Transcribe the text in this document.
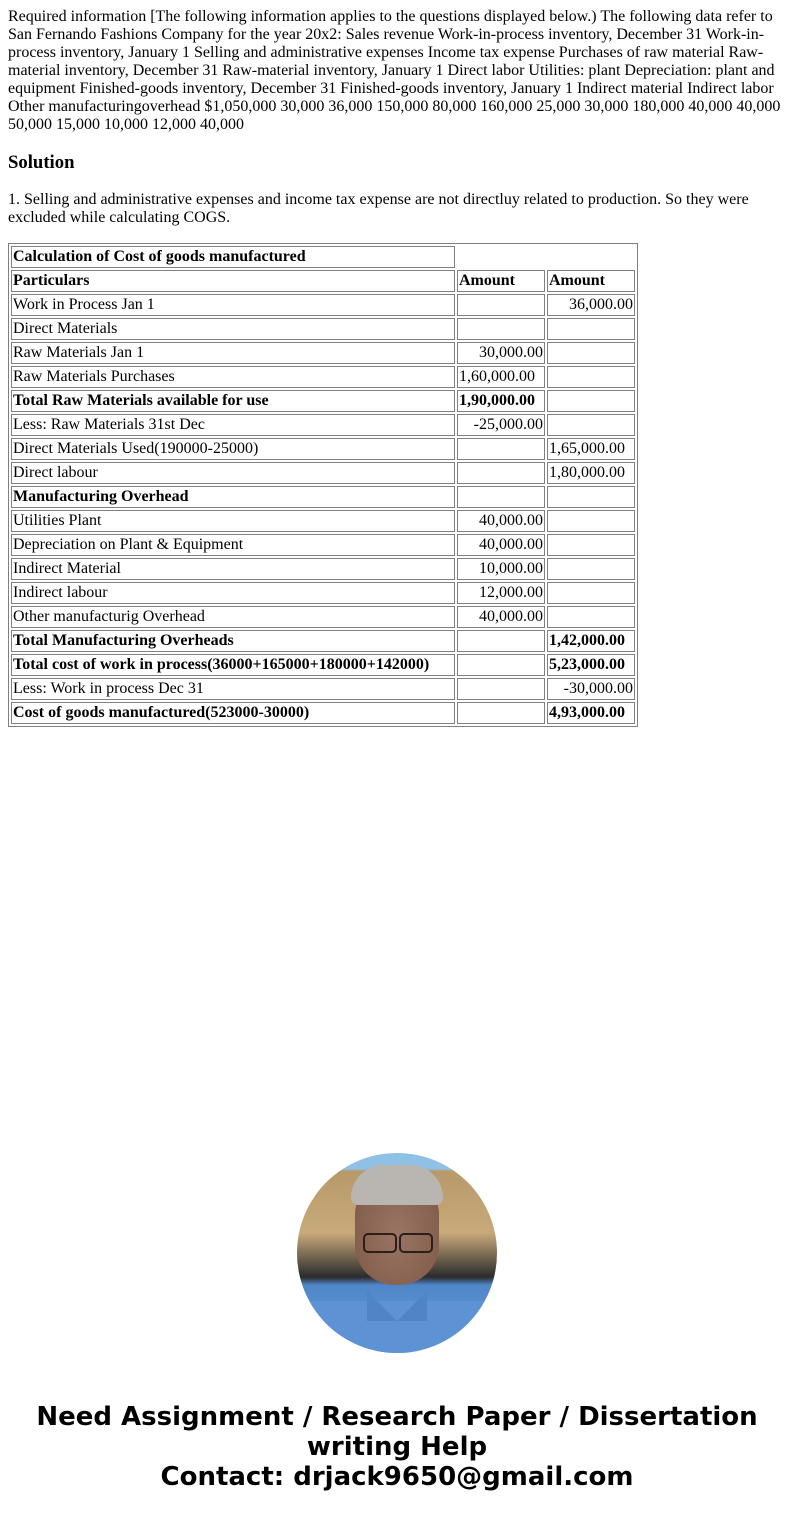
Required information [The following information applies to the questions displayed below.) The following data refer to San Fernando Fashions Company for the year 20x2: Sales revenue Work-in-process inventory, December 31 Work-in-process inventory, January 1 Selling and administrative expenses Income tax expense Purchases of raw material Raw-material inventory, December 31 Raw-material inventory, January 1 Direct labor Utilities: plant Depreciation: plant and equipment Finished-goods inventory, December 31 Finished-goods inventory, January 1 Indirect material Indirect labor Other manufacturingoverhead $1,050,000 30,000 36,000 150,000 80,000 160,000 25,000 30,000 180,000 40,000 40,000 50,000 15,000 10,000 12,000 40,000

Solution

1. Selling and administrative expenses and income tax expense are not directluy related to production. So they were excluded while calculating COGS.

Calculation of Cost of goods manufactured		
Particulars	Amount	Amount
Work in Process Jan 1		36,000.00
Direct Materials		
Raw Materials Jan 1	30,000.00	
Raw Materials Purchases	1,60,000.00	
Total Raw Materials available for use	1,90,000.00	
Less: Raw Materials 31st Dec	-25,000.00	
Direct Materials Used(190000-25000)		1,65,000.00
Direct labour		1,80,000.00
Manufacturing Overhead		
Utilities Plant	40,000.00	
Depreciation on Plant & Equipment	40,000.00	
Indirect Material	10,000.00	
Indirect labour	12,000.00	
Other manufacturig Overhead	40,000.00	
Total Manufacturing Overheads		1,42,000.00
Total cost of work in process(36000+165000+180000+142000)		5,23,000.00
Less: Work in process Dec 31		-30,000.00
Cost of goods manufactured(523000-30000)		4,93,000.00
Need Assignment / Research Paper / Dissertation
writing Help
Contact: drjack9650@gmail.com
